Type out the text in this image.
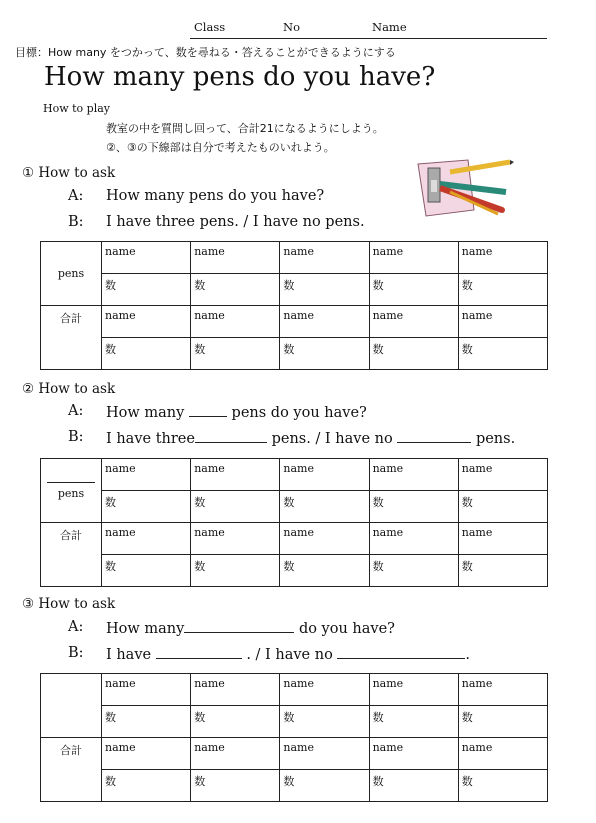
Class	No	Name
目標：How many をつかって、数を尋ねる・答えることができるようにする
How many pens do you have?
How to play
教室の中を質問し回って、合計21になるようにしよう。
②、③の下線部は自分で考えたものいれよう。
① How to ask
A: How many pens do you have?
B: I have three pens. / I have no pens.
pens	name	name	name	name	name
	数	数	数	数	数
合計	name	name	name	name	name
	数	数	数	数	数
② How to ask
A: How many	pens do you have?
B: I have three	pens. / I have no	pens.
pens	name	name	name	name	name
	数	数	数	数	数
合計	name	name	name	name	name
	数	数	数	数	数
③ How to ask
A: How many	do you have?
B: I have	. / I have no	.
	name	name	name	name	name
	数	数	数	数	数
合計	name	name	name	name	name
	数	数	数	数	数
